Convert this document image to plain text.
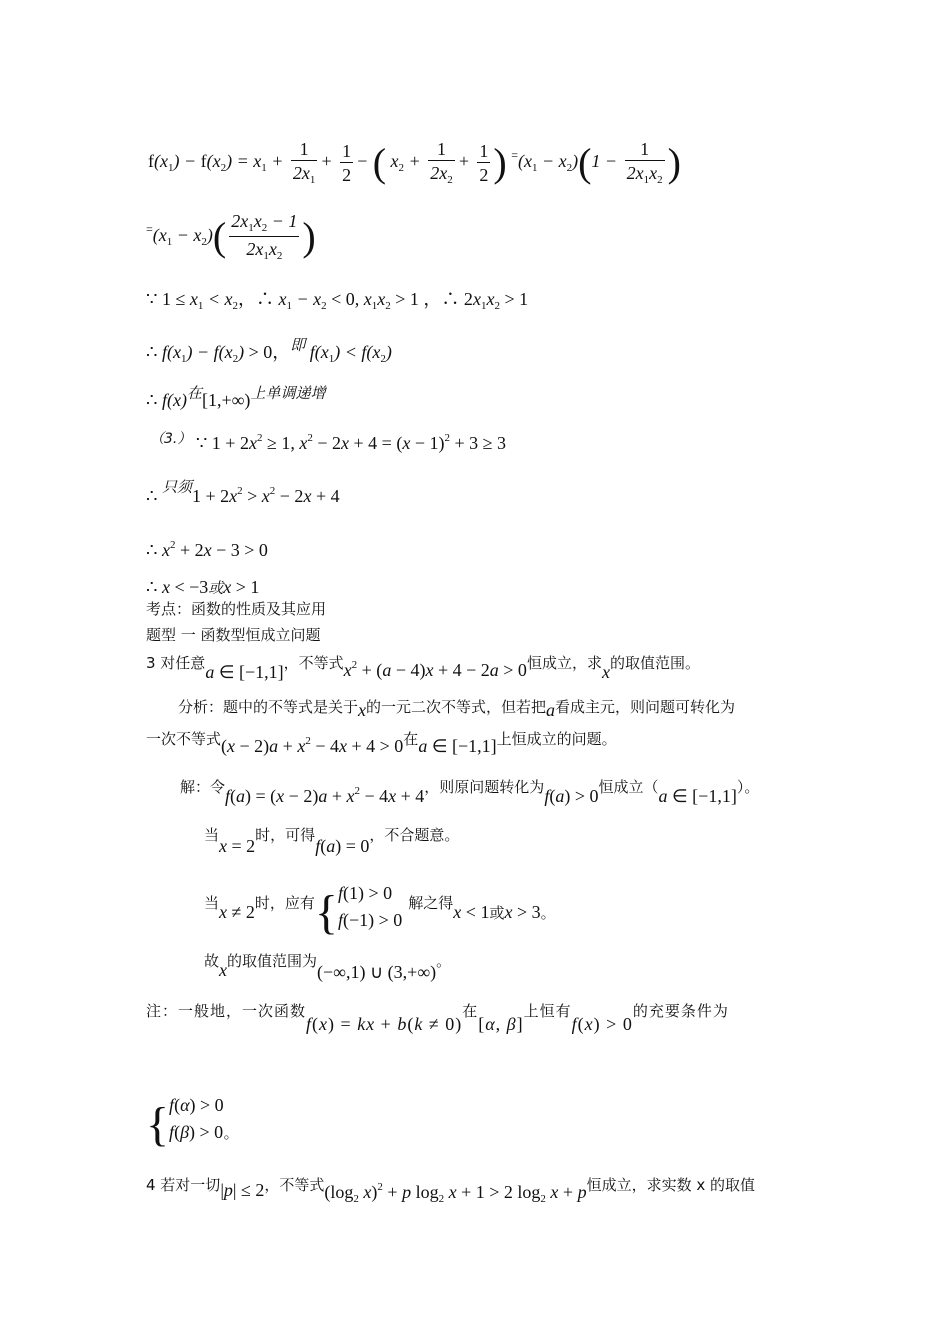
$f(x_1) - f(x_2) = x_1 + \frac{1}{2x_1} + \frac{1}{2}$ − ( $x_2 + \frac{1}{2x_2} + \frac{1}{2}$ ) $^=(x_1 - x_2)(1 - \frac{1}{2x_1x_2}$ )
$^=(x_1 - x_2)( \frac{2x_1x_2 - 1}{2x_1x_2}$ )
∵ $1 \le x_1 < x_2$，∴ $x_1 - x_2 < 0$, $x_1x_2 > 1$ ，∴ $2x_1x_2 > 1$
∴ $f(x_1) - f(x_2) > 0$，$^即$ $f(x_1) < f(x_2)$
∴ $f(x)^在[1,+\infty)^{上单调递增}$
$^{(3.)}$ ∵ $1 + 2x^2 \ge 1$, $x^2 - 2x + 4 = (x - 1)^2 + 3 \ge 3$
∴ $^{只须}1 + 2x^2 > x^2 - 2x + 4$
∴ $x^2 + 2x - 3 > 0$
∴ x < −3或x > 1
考点：函数的性质及其应用
题型 一 函数型恒成立问题
3 对任意a ∈ [−1,1]，不等式$x^2 + (a - 4)x + 4 - 2a > 0$恒成立，求x的取值范围。
分析：题中的不等式是关于x的一元二次不等式，但若把a看成主元，则问题可转化为
一次不等式$(x - 2)a + x^2 - 4x + 4 > 0$在a ∈ [−1,1]上恒成立的问题。
解：令$f(a) = (x - 2)a + x^2 - 4x + 4$，则原问题转化为f(a) > 0恒成立（a ∈ [−1,1]）。
当x = 2时，可得f(a) = 0，不合题意。
当x ≠ 2时，应有{ f(1) > 0
f(−1) > 0
解之得x < 1或x > 3。
故x的取值范围为(−∞,1) ∪ (3,+∞)。
注：一般地，一次函数f(x) = kx + b(k ≠ 0)在[α, β]上恒有f(x) > 0的充要条件为
{ f(α) > 0
f(β) > 0 。
4 若对一切|p| ≤ 2，不等式($\log_2$ x)$^2$ + p $\log_2 x + 1 > 2$ $\log_2 x + p$恒成立，求实数 x 的取值
